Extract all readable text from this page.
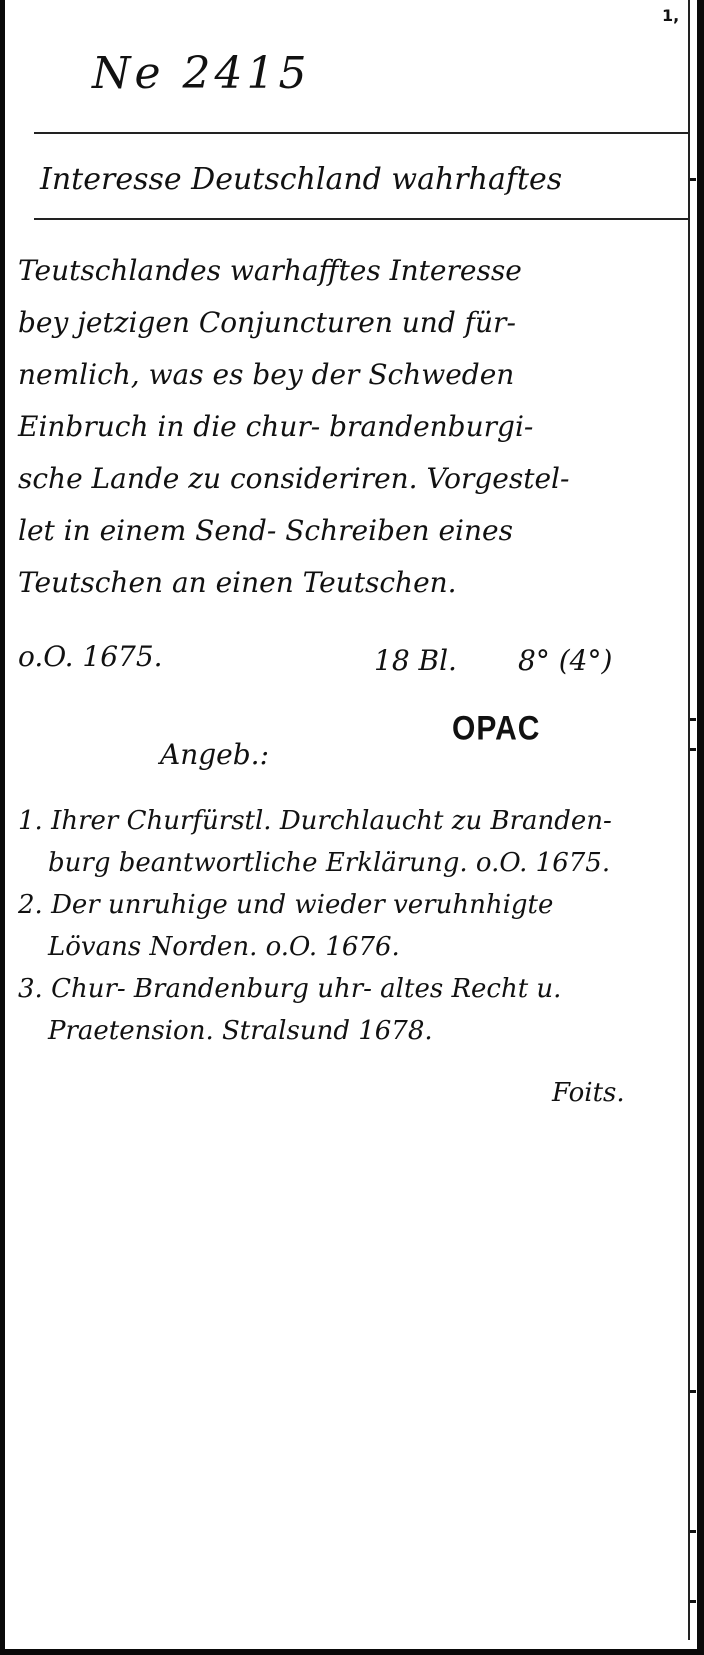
1,
Ne 2415
Interesse Deutschland wahrhaftes
Teutschlandes warhafftes Interesse
bey jetzigen Conjuncturen und für-
nemlich, was es bey der Schweden
Einbruch in die chur- brandenburgi-
sche Lande zu consideriren. Vorgestel-
let in einem Send- Schreiben eines
Teutschen an einen Teutschen.
o.O. 1675.	18 Bl. 8° (4°)
OPAC
Angeb.:
1. Ihrer Churfürstl. Durchlaucht zu Branden-
burg beantwortliche Erklärung. o.O. 1675.
2. Der unruhige und wieder veruhnhigte
Lövans Norden. o.O. 1676.
3. Chur- Brandenburg uhr- altes Recht u.
Praetension. Stralsund 1678.
Foits.
